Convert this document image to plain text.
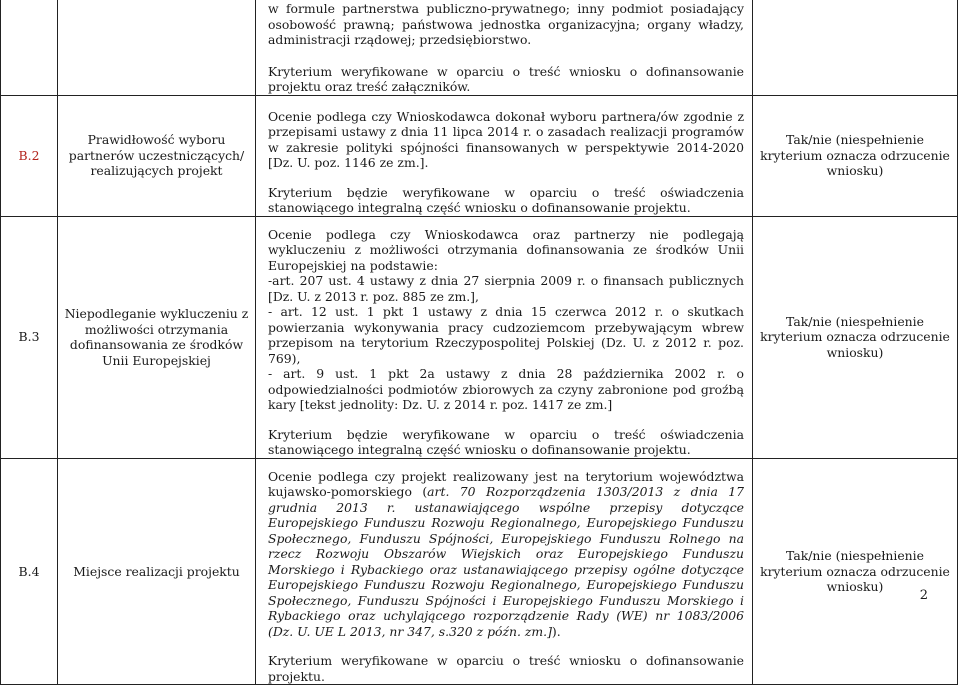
		w formule partnerstwa publiczno-prywatnego; inny podmiot posiadający osobowość prawną; państwowa jednostka organizacyjna; organy władzy, administracji rządowej; przedsiębiorstwo.

Kryterium weryfikowane w oparciu o treść wniosku o dofinansowanie projektu oraz treść załączników.	

B.2	Prawidłowość wyboru partnerów uczestniczących/ realizujących projekt	Ocenie podlega czy Wnioskodawca dokonał wyboru partnera/ów zgodnie z przepisami ustawy z dnia 11 lipca 2014 r. o zasadach realizacji programów w zakresie polityki spójności finansowanych w perspektywie 2014-2020 [Dz. U. poz. 1146 ze zm.].

Kryterium będzie weryfikowane w oparciu o treść oświadczenia stanowiącego integralną część wniosku o dofinansowanie projektu.	Tak/nie (niespełnienie kryterium oznacza odrzucenie wniosku)
B.3	Niepodleganie wykluczeniu z możliwości otrzymania dofinansowania ze środków Unii Europejskiej	Ocenie podlega czy Wnioskodawca oraz partnerzy nie podlegają wykluczeniu z możliwości otrzymania dofinansowania ze środków Unii Europejskiej na podstawie:

-art. 207 ust. 4 ustawy z dnia 27 sierpnia 2009 r. o finansach publicznych [Dz. U. z 2013 r. poz. 885 ze zm.],

- art. 12 ust. 1 pkt 1 ustawy z dnia 15 czerwca 2012 r. o skutkach powierzania wykonywania pracy cudzoziemcom przebywającym wbrew przepisom na terytorium Rzeczypospolitej Polskiej (Dz. U. z 2012 r. poz. 769),

- art. 9 ust. 1 pkt 2a ustawy z dnia 28 października 2002 r. o odpowiedzialności podmiotów zbiorowych za czyny zabronione pod groźbą kary [tekst jednolity: Dz. U. z 2014 r. poz. 1417 ze zm.]

Kryterium będzie weryfikowane w oparciu o treść oświadczenia stanowiącego integralną część wniosku o dofinansowanie projektu.	Tak/nie (niespełnienie kryterium oznacza odrzucenie wniosku)
B.4	Miejsce realizacji projektu	Ocenie podlega czy projekt realizowany jest na terytorium województwa kujawsko-pomorskiego (art. 70 Rozporządzenia 1303/2013 z dnia 17 grudnia 2013 r. ustanawiającego wspólne przepisy dotyczące Europejskiego Funduszu Rozwoju Regionalnego, Europejskiego Funduszu Społecznego, Funduszu Spójności, Europejskiego Funduszu Rolnego na rzecz Rozwoju Obszarów Wiejskich oraz Europejskiego Funduszu Morskiego i Rybackiego oraz ustanawiającego przepisy ogólne dotyczące Europejskiego Funduszu Rozwoju Regionalnego, Europejskiego Funduszu Społecznego, Funduszu Spójności i Europejskiego Funduszu Morskiego i Rybackiego oraz uchylającego rozporządzenie Rady (WE) nr 1083/2006 (Dz. U. UE L 2013, nr 347, s.320 z późn. zm.]).

Kryterium weryfikowane w oparciu o treść wniosku o dofinansowanie projektu.	Tak/nie (niespełnienie kryterium oznacza odrzucenie wniosku)
2
